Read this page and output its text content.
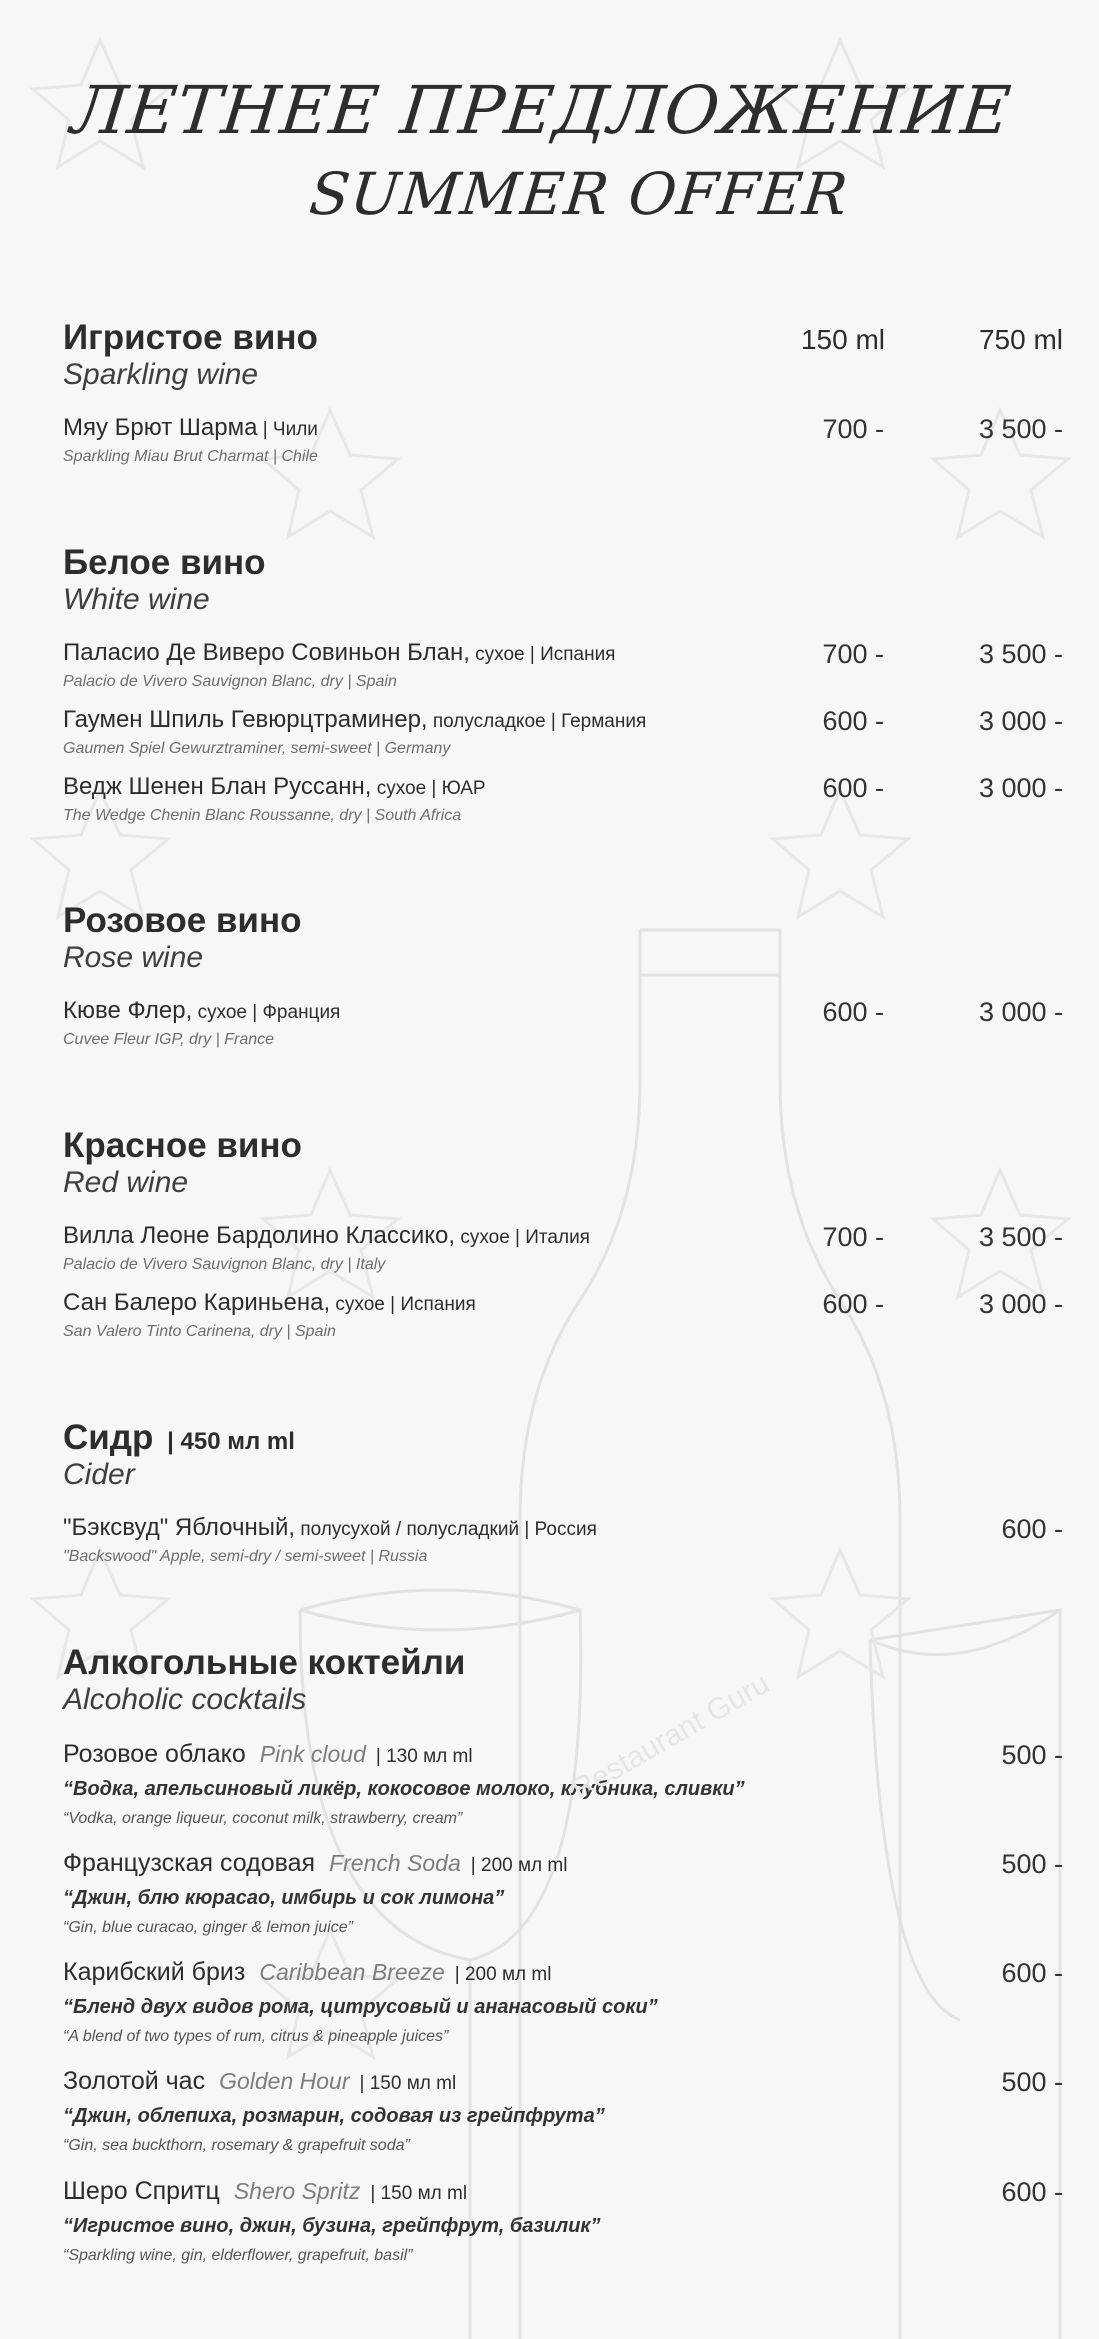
ЛЕТНЕЕ ПРЕДЛОЖЕНИЕ
SUMMER OFFER
Игристое вино
Sparkling wine
150 ml	750 ml
Мяу Брют Шарма | Чили
Sparkling Miau Brut Charmat | Chile
700 -	3 500 -
Белое вино
White wine
Паласио Де Виверо Совиньон Блан, сухое | Испания
Palacio de Vivero Sauvignon Blanc, dry | Spain
700 -	3 500 -
Гаумен Шпиль Гевюрцтраминер, полусладкое | Германия
Gaumen Spiel Gewurztraminer, semi-sweet | Germany
600 -	3 000 -
Ведж Шенен Блан Руссанн, сухое | ЮАР
The Wedge Chenin Blanc Roussanne, dry | South Africa
600 -	3 000 -
Розовое вино
Rose wine
Кюве Флер, сухое | Франция
Cuvee Fleur IGP, dry | France
600 -	3 000 -
Красное вино
Red wine
Вилла Леоне Бардолино Классико, сухое | Италия
Palacio de Vivero Sauvignon Blanc, dry | Italy
700 -	3 500 -
Сан Балеро Кариньена, сухое | Испания
San Valero Tinto Carinena, dry | Spain
600 -	3 000 -
Сидр | 450 мл ml
Cider
"Бэксвуд" Яблочный, полусухой / полусладкий | Россия
"Backswood" Apple, semi-dry / semi-sweet | Russia
600 -
Алкогольные коктейли
Alcoholic cocktails
Розовое облако Pink cloud | 130 мл ml
“Водка, апельсиновый ликёр, кокосовое молоко, клубника, сливки”
“Vodka, orange liqueur, coconut milk, strawberry, cream”
500 -
Французская содовая French Soda | 200 мл ml
“Джин, блю кюрасао, имбирь и сок лимона”
“Gin, blue curacao, ginger & lemon juice”
500 -
Карибский бриз Caribbean Breeze | 200 мл ml
“Бленд двух видов рома, цитрусовый и ананасовый соки”
“A blend of two types of rum, citrus & pineapple juices”
600 -
Золотой час Golden Hour | 150 мл ml
“Джин, облепиха, розмарин, содовая из грейпфрута”
“Gin, sea buckthorn, rosemary & grapefruit soda”
500 -
Шеро Спритц Shero Spritz | 150 мл ml
“Игристое вино, джин, бузина, грейпфрут, базилик”
“Sparkling wine, gin, elderflower, grapefruit, basil”
600 -
Restaurant Guru
